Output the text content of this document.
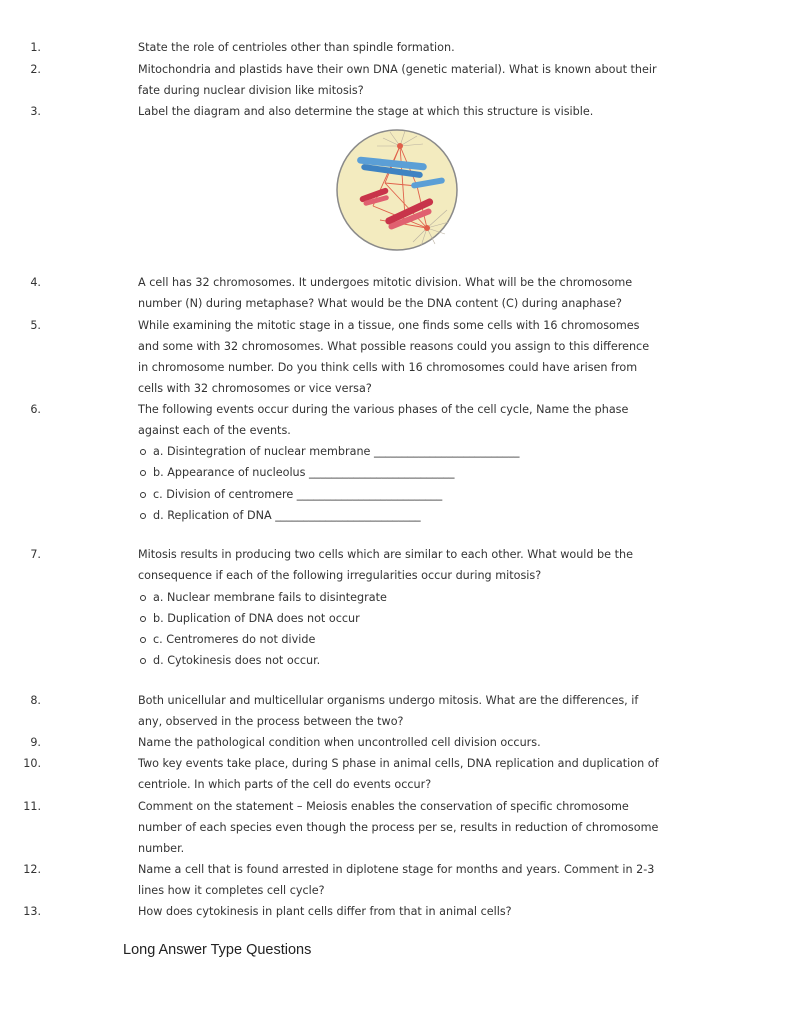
1.	State the role of centrioles other than spindle formation.
2.	Mitochondria and plastids have their own DNA (genetic material). What is known about their
fate during nuclear division like mitosis?
3.	Label the diagram and also determine the stage at which this structure is visible.
4.	A cell has 32 chromosomes. It undergoes mitotic division. What will be the chromosome
number (N) during metaphase? What would be the DNA content (C) during anaphase?
5.	While examining the mitotic stage in a tissue, one finds some cells with 16 chromosomes
and some with 32 chromosomes. What possible reasons could you assign to this difference
in chromosome number. Do you think cells with 16 chromosomes could have arisen from
cells with 32 chromosomes or vice versa?
6.	The following events occur during the various phases of the cell cycle, Name the phase
against each of the events.
a. Disintegration of nuclear membrane __________________________
b. Appearance of nucleolus __________________________
c. Division of centromere __________________________
d. Replication of DNA __________________________
7.	Mitosis results in producing two cells which are similar to each other. What would be the
consequence if each of the following irregularities occur during mitosis?
a. Nuclear membrane fails to disintegrate
b. Duplication of DNA does not occur
c. Centromeres do not divide
d. Cytokinesis does not occur.
8.	Both unicellular and multicellular organisms undergo mitosis. What are the differences, if
any, observed in the process between the two?
9.	Name the pathological condition when uncontrolled cell division occurs.
10.	Two key events take place, during S phase in animal cells, DNA replication and duplication of
centriole. In which parts of the cell do events occur?
11.	Comment on the statement – Meiosis enables the conservation of specific chromosome
number of each species even though the process per se, results in reduction of chromosome
number.
12.	Name a cell that is found arrested in diplotene stage for months and years. Comment in 2-3
lines how it completes cell cycle?
13.	How does cytokinesis in plant cells differ from that in animal cells?
Long Answer Type Questions
